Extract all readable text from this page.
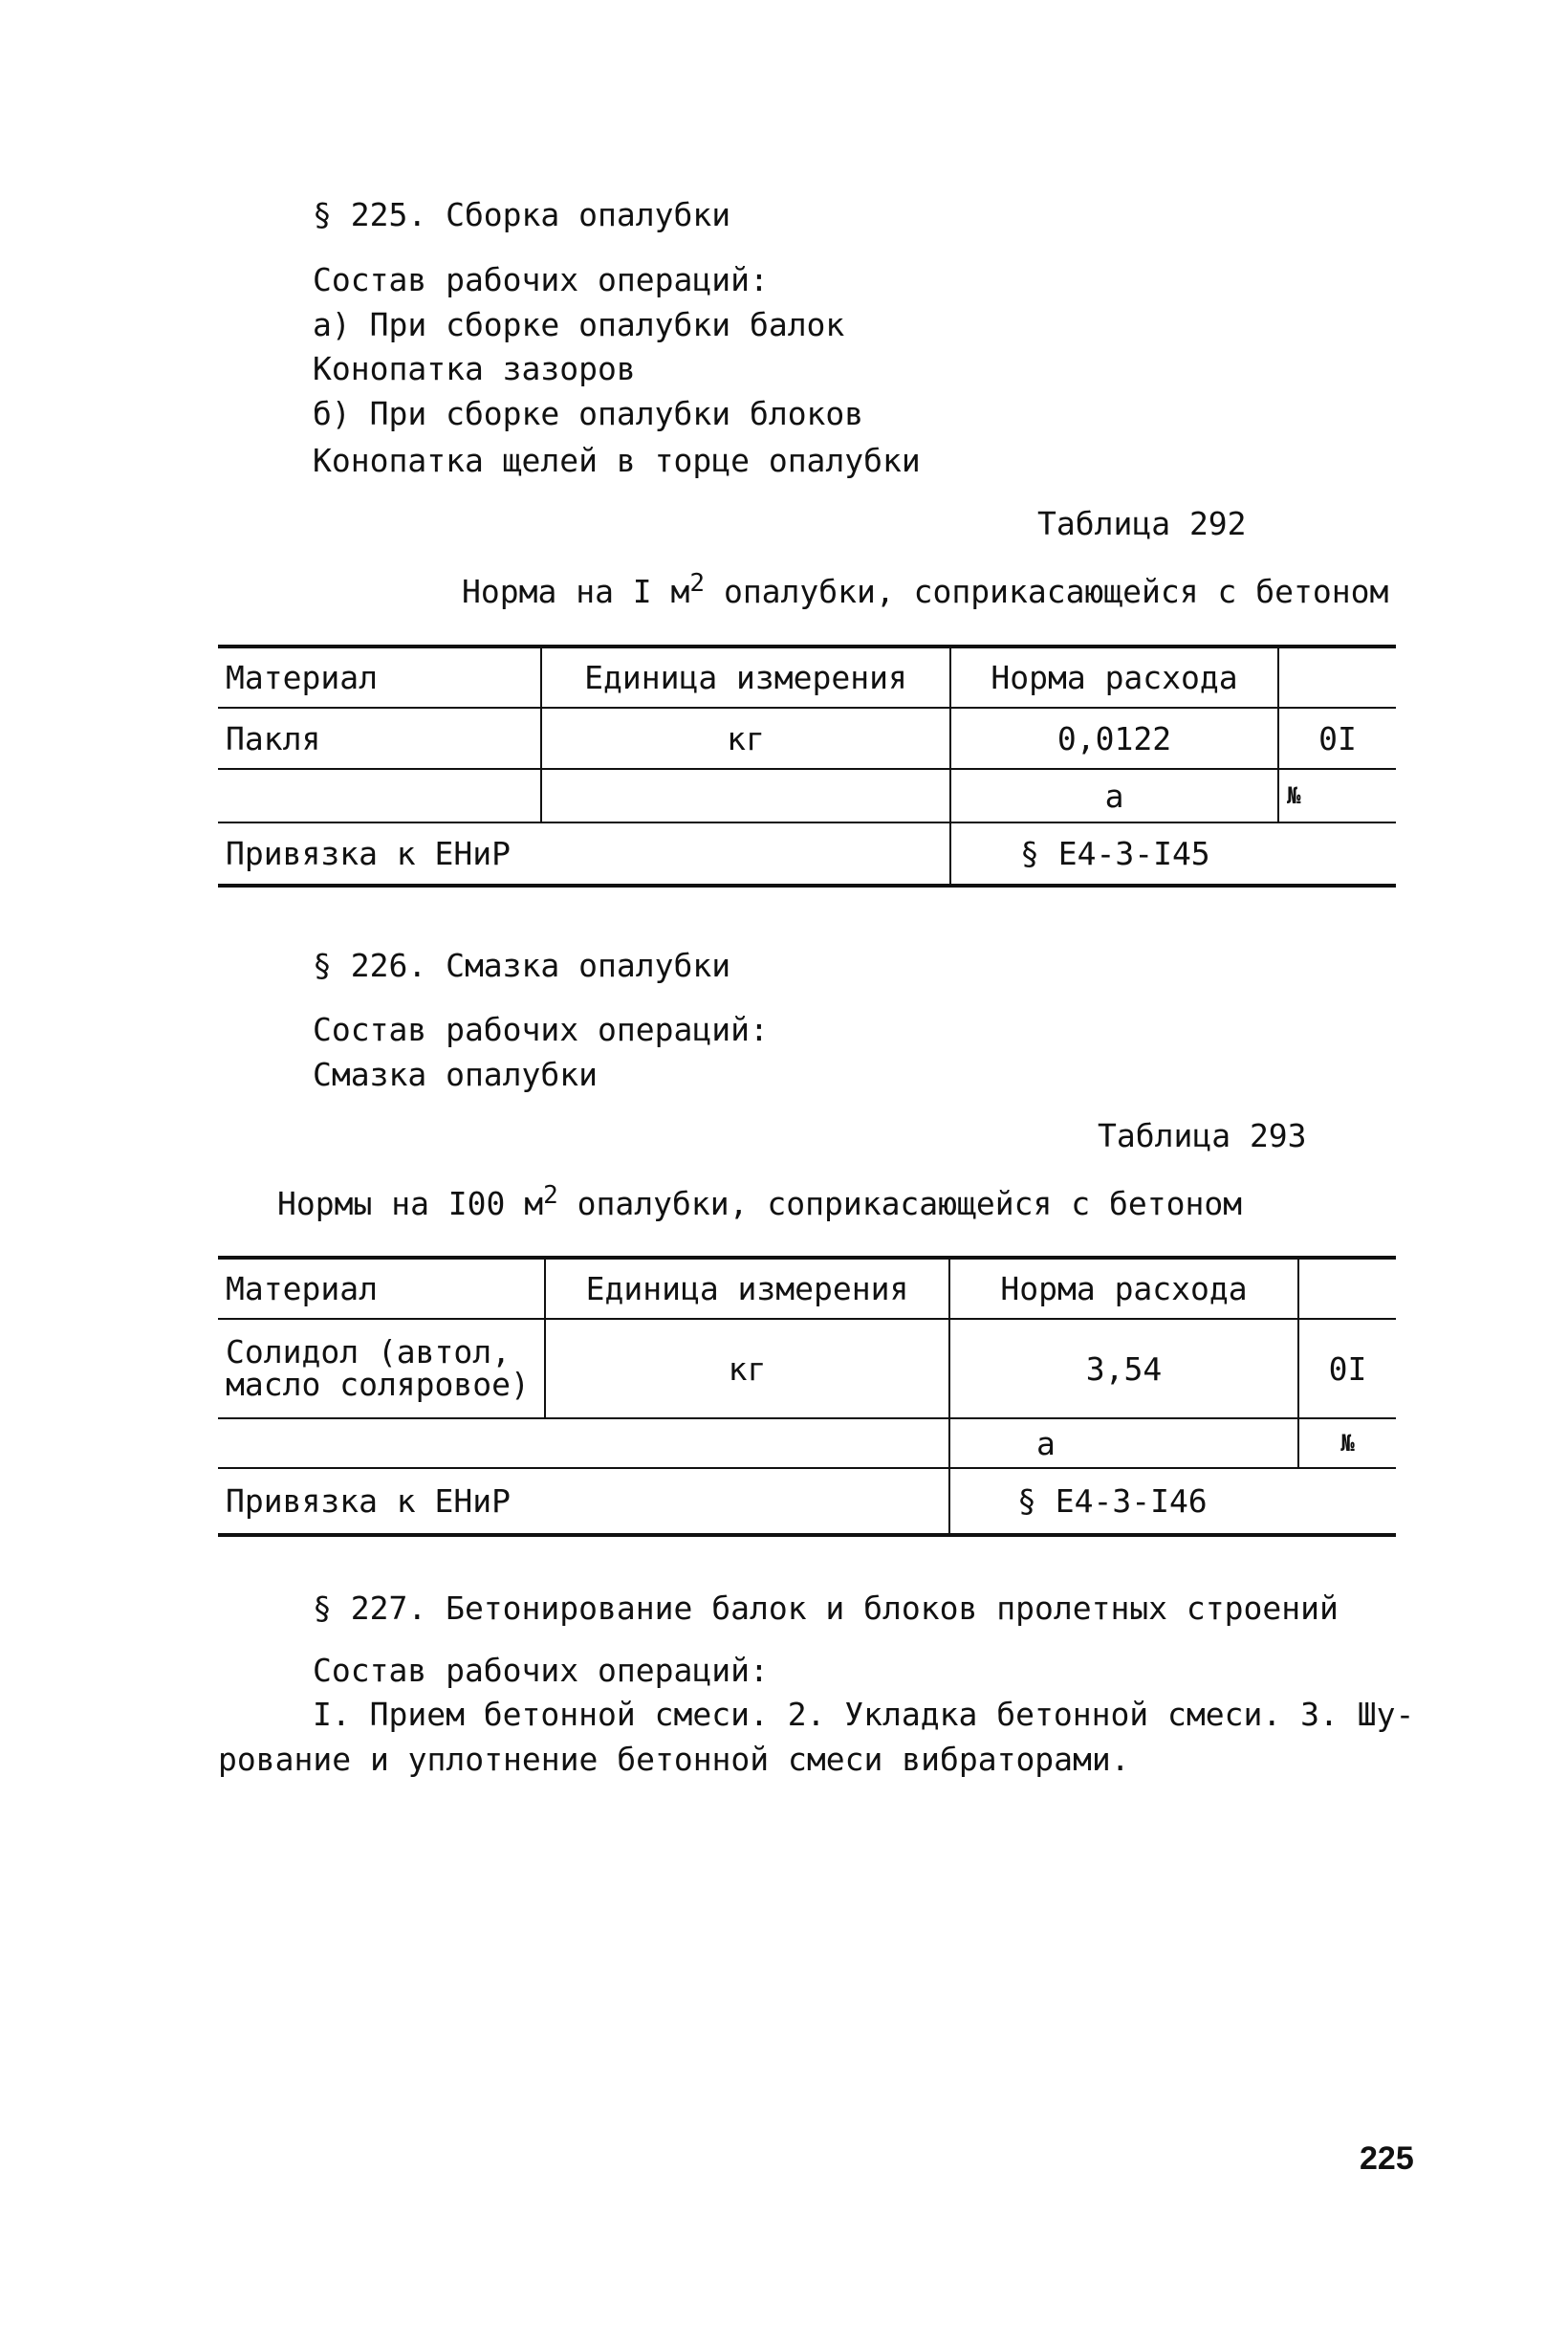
§ 225. Сборка опалубки
Состав рабочих операций:
а) При сборке опалубки балок
Конопатка зазоров
б) При сборке опалубки блоков
Конопатка щелей в торце опалубки
Таблица 292
Норма на I $м^2$ опалубки, соприкасающейся с бетоном
Материал	Единица измерения	Норма расхода	
Пакля	кг	0,0122	0I
		а	№
Привязка к ЕНиР		§ Е4-3-I45	
§ 226. Смазка опалубки
Состав рабочих операций:
Смазка опалубки
Таблица 293
Нормы на I00 $м^2$ опалубки, соприкасающейся с бетоном
Материал	Единица измерения	Норма расхода	
Солидол (автол, масло соляровое)	кг	3,54	0I
		а	№
Привязка к ЕНиР		§ Е4-3-I46	
§ 227. Бетонирование балок и блоков пролетных строений
Состав рабочих операций:
I. Прием бетонной смеси. 2. Укладка бетонной смеси. 3. Шу-
рование и уплотнение бетонной смеси вибраторами.
225
